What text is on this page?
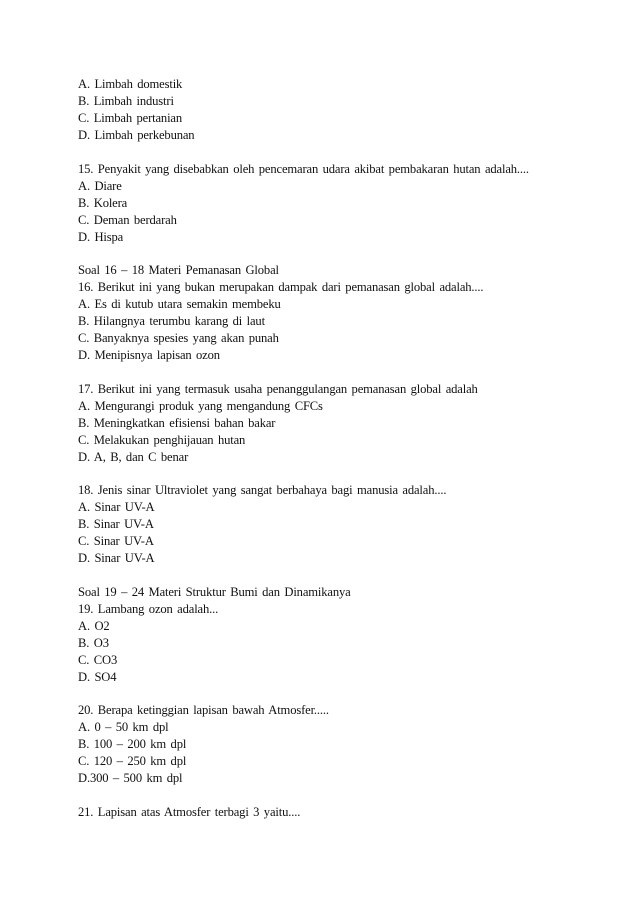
A. Limbah domestik
B. Limbah industri
C. Limbah pertanian
D. Limbah perkebunan
15. Penyakit yang disebabkan oleh pencemaran udara akibat pembakaran hutan adalah....
A. Diare
B. Kolera
C. Deman berdarah
D. Hispa
Soal 16 – 18 Materi Pemanasan Global
16. Berikut ini yang bukan merupakan dampak dari pemanasan global adalah....
A. Es di kutub utara semakin membeku
B. Hilangnya terumbu karang di laut
C. Banyaknya spesies yang akan punah
D. Menipisnya lapisan ozon
17. Berikut ini yang termasuk usaha penanggulangan pemanasan global adalah
A. Mengurangi produk yang mengandung CFCs
B. Meningkatkan efisiensi bahan bakar
C. Melakukan penghijauan hutan
D. A, B, dan C benar
18. Jenis sinar Ultraviolet yang sangat berbahaya bagi manusia adalah....
A. Sinar UV-A
B. Sinar UV-A
C. Sinar UV-A
D. Sinar UV-A
Soal 19 – 24 Materi Struktur Bumi dan Dinamikanya
19. Lambang ozon adalah...
A. O2
B. O3
C. CO3
D. SO4
20. Berapa ketinggian lapisan bawah Atmosfer.....
A. 0 – 50 km dpl
B. 100 – 200 km dpl
C. 120 – 250 km dpl
D.300 – 500 km dpl
21. Lapisan atas Atmosfer terbagi 3 yaitu....
